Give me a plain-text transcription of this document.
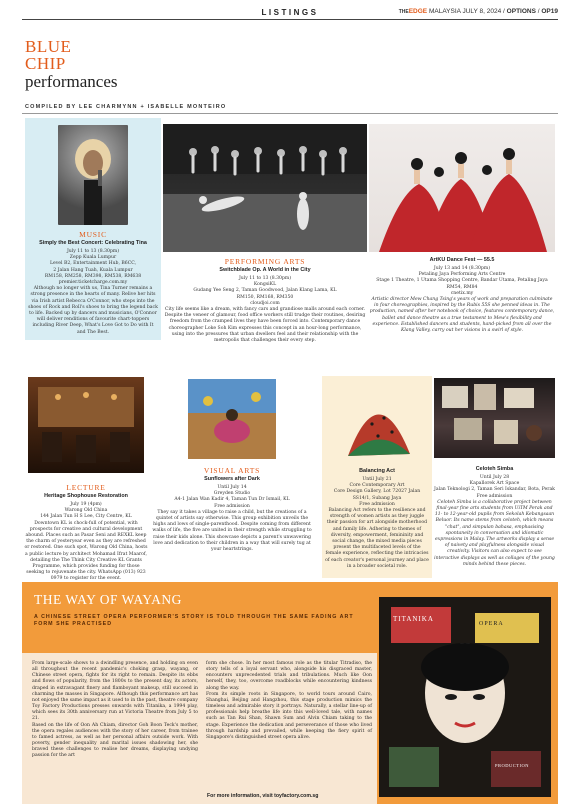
LISTINGS	THEEDGE MALAYSIA JULY 8, 2024 / OPTIONS / OP19
BLUE
CHIP
performances
COMPILED BY LEE CHARMYNN + ISABELLE MONTEIRO
MUSIC
Simply the Best Concert: Celebrating Tina
July 11 to 13 (8.30pm)
Zepp Kuala Lumpur
Level B2, Entertainment Hub, B6CC,
2 Jalan Hang Tuah, Kuala Lumpur
RM158, RM258, RM398, RM538, RM638
premier.ticketcharge.com.my
Although no longer with us, Tina Turner remains a strong presence in the hearts of many. Relive her hits via Irish artist Rebecca O'Connor, who steps into the shoes of Rock and Roll's shoes to bring the legend back to life. Backed up by dancers and musicians, O'Connor will deliver renditions of favourite chart-toppers including River Deep, What's Love Got to Do with It and The Best.
PERFORMING ARTS
Switchblade Op. A World in the City
July 11 to 13 (8.30pm)
KongsiKL
Gudang Yee Seng 2, Taman Goodwood, Jalan Klang Lama, KL
RM150, RM168, RM350
cloudjoi.com
City life seems like a dream, with fancy cars and grandiose malls around each corner. Despite the veneer of glamour, food office workers still trudge their routines, desiring freedom from the cramped lives they have been forced into. Contemporary dance choreographer Loke Soh Kim expresses this concept in an hour-long performance, using into the pressures that urban dwellers feel and their relationship with the metropolis that challenges their every step.
ArtKU Dance Fest — 55.5
July 13 and 14 (8.30pm)
Petaling Jaya Performing Arts Centre
Stage 1 Theatre, 1 Utama Shopping Centre, Bandar Utama, Petaling Jaya
RM54, RM84
cnetix.my
Artistic director Mew Chang Tsing's years of work and preparation culminate in four choreographies, inspired by the Rubis 55S she penned ideas in. The production, named after her notebook of choice, features contemporary dance, ballet and dance theatre as a true testament to Mew's flexibility and experience. Established dancers and students, hand-picked from all over the Klang Valley, carry out her visions in a swirl of style.
LECTURE
Heritage Shophouse Restoration
July 19 (4pm)
Warong Old China
144 Jalan Tun H S Lee, City Centre, KL
Downtown KL is chock-full of potential, with prospects for creative and cultural development abound. Places such as Pasar Seni and REXKL keep the charm of yesteryear even as they are refreshed or restored. One such spot, Warong Old China, hosts a public lecture by architect Mohamad Ifrat Maarof, detailing the The Think City Creative KL Grants Programme, which provides funding for those seeking to rejuvenate the city. WhatsApp (013) 923 0979 to register for the event.
VISUAL ARTS
Sunflowers after Dark
Until July 14
Greyden Studio
A4-1 Jalan Wan Kadir 4, Taman Tun Dr Ismail, KL
Free admission
They say it takes a village to raise a child, but the creations of a quintet of artists say otherwise. This group exhibition unveils the highs and lows of single-parenthood. Despite coming from different walks of life, the five are united in their strength while struggling to raise their kids alone. This showcase depicts a parent's unwavering love and dedication to their children in a way that will surely tug at your heartstrings.
Balancing Act
Until July 21
Core Contemporary Art
Core Design Gallery, Lot 72027 Jalan SS14/1, Subang Jaya
Free admission
Balancing Act refers to the resilience and strength of women artists as they juggle their passion for art alongside motherhood and family life. Adhering to themes of diversity, empowerment, femininity and social change, the mixed media pieces present the multifaceted levels of the female experience, reflecting the intricacies of each creator's personal journey and place in a broader societal role.
Celoteh Simba
Until July 28
Kapallorek Art Space
Jalan Teknologi 2, Taman Seri Iskandar, Bota, Perak
Free admission
Celoteh Simba is a collaborative project between final-year fine arts students from UiTM Perak and 11- to 12-year-old pupils from Sekolah Kebangsaan Beluor. Its name stems from celoteh, which means "chat", and simpulan bahasa, emphasising spontaneity in conversation and idiomatic expressions in Malay. The artworks display a sense of naivety and playfulness alongside visual creativity. Visitors can also expect to see interactive displays as well as collages of the young minds behind these pieces.
THE WAY OF WAYANG
A CHINESE STREET OPERA PERFORMER'S STORY IS TOLD THROUGH THE SAME FADING ART FORM SHE PRACTISED
From large-scale shows to a dwindling presence, and holding on even all throughout the recent pandemic's choking grasp, wayang, or Chinese street opera, fights for its right to remain. Despite its ebbs and flows of popularity, from the 1800s to the present day, its actors, draped in extravagant finery and flamboyant makeup, still succeed in charming the masses in Singapore. Although this performance art has not enjoyed the same impact as it used to in the past, theatre company Toy Factory Productions presses onwards with Titanika, a 1994 play, which sees its 30th anniversary run at Victoria Theatre from July 5 to 21.
Based on the life of Oon Ah Chiam, director Goh Boon Teck's mother, the opera regales audiences with the story of her career, from trainee to famed actress, as well as her personal affairs outside work. With poverty, gender inequality and marital issues shadowing her, she braved these challenges to realise her dreams, displaying undying passion for the art
form she chose. In her most famous role as the titular Titradiso, the story tells of a loyal servant who, alongside his disgraced master, encounters unprecedented trials and tribulations. Much like Oon herself, they, too, overcome roadblocks while encountering kindness along the way.
From its simple roots in Singapore, to world tours around Cairo, Shanghai, Beijing and Hangzhou, this stage production mimics the timeless and admirable story it portrays. Naturally, a stellar line-up of professionals help breathe life into this well-loved tale, with names such as Tan Rui Shan, Shawn Sum and Alvin Chiam taking to the stage. Experience the dedication and perseverance of those who lived through hardship and prevailed, while keeping the fiery spirit of Singapore's distinguished street opera alive.
For more information, visit toyfactory.com.sg
TITANIKA
OPERA
PRODUCTION
